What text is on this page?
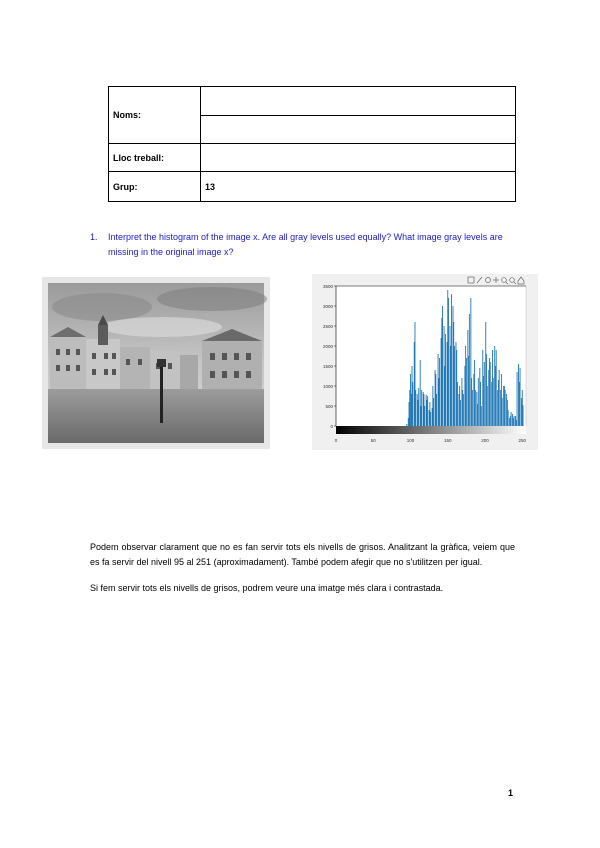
Noms:	

Lloc treball:	
Grup:	13
1. Interpret the histogram of the image x. Are all gray levels used equally? What image gray levels are missing in the original image x?
3500
3000
2500
2000
1500
1000
500
0
0	50	100	150	200	250

Podem observar clarament que no es fan servir tots els nivells de grisos. Analitzant la gràfica, veiem que es fa servir del nivell 95 al 251 (aproximadament). També podem afegir que no s'utilitzen per igual.

Si fem servir tots els nivells de grisos, podrem veure una imatge més clara i contrastada.

1
